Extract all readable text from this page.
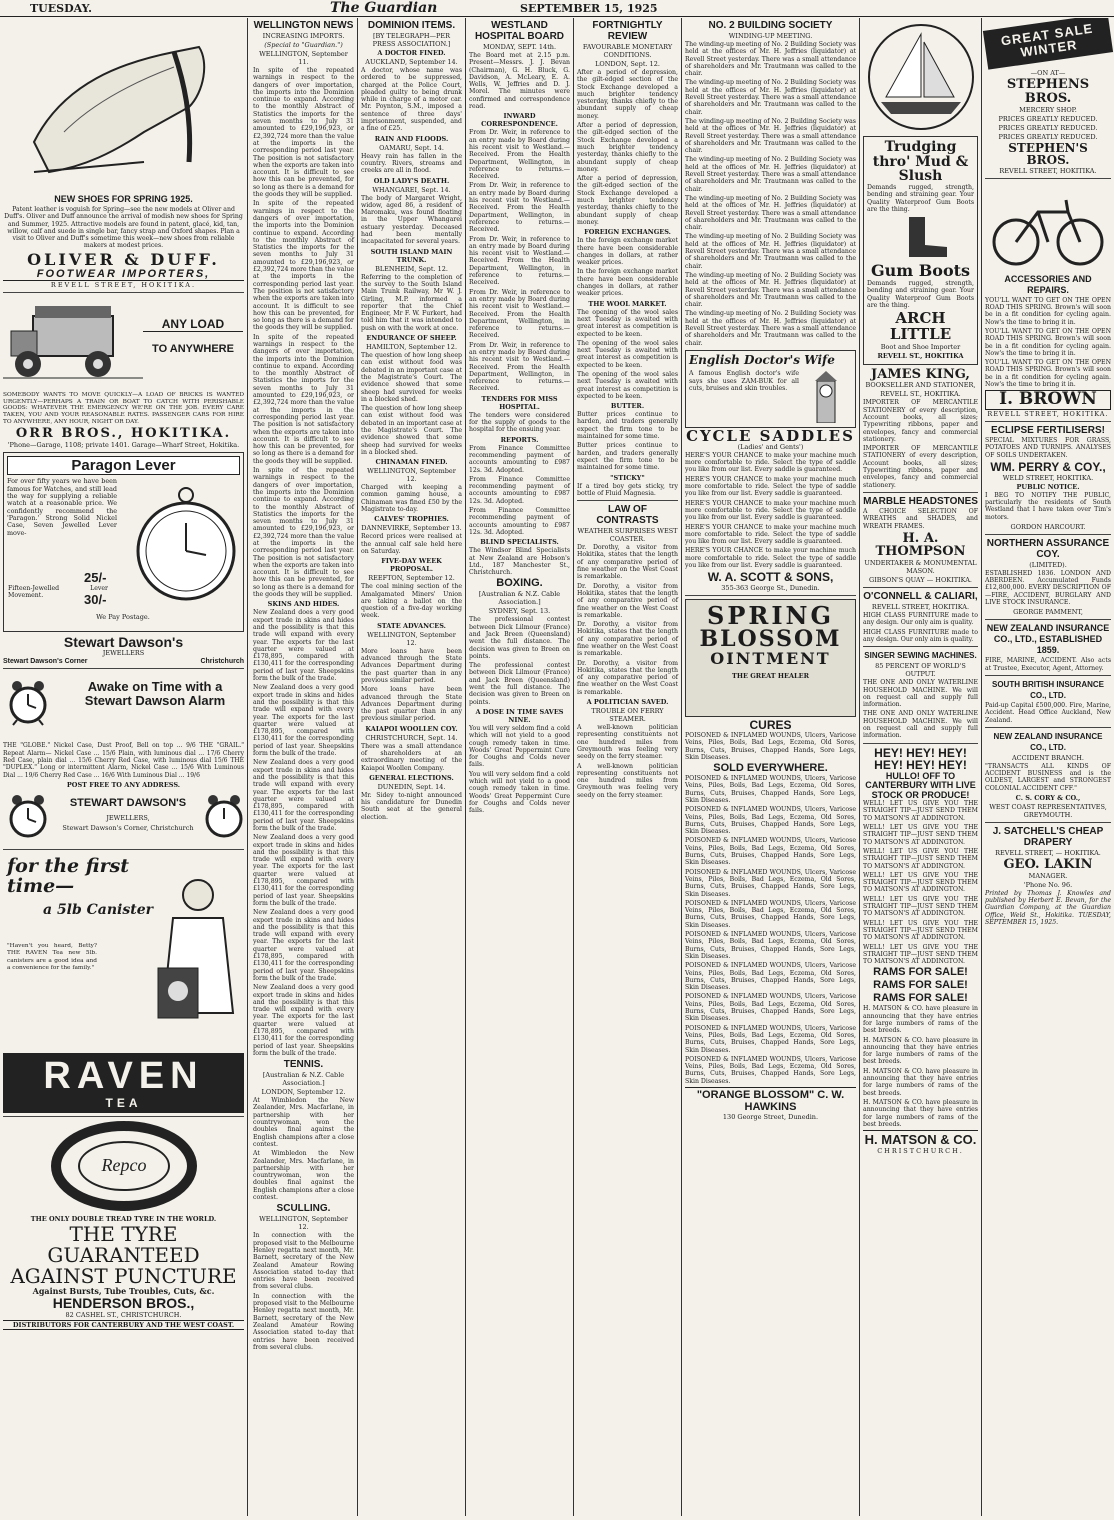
TUESDAY.	The Guardian	SEPTEMBER 15, 1925
NEW SHOES FOR SPRING 1925.
Patent leather is voguish for Spring—see the new models at Oliver and Duff's. Oliver and Duff announce the arrival of modish new shoes for Spring and Summer, 1925. Attractive models are found in patent, glacé, kid, tan, willow, calf and suede in single bar, fancy strap and Oxford shapes. Plan a visit to Oliver and Duff's sometime this week—new shoes from reliable makers at modest prices.
OLIVER & DUFF.
FOOTWEAR IMPORTERS,
REVELL STREET, HOKITIKA.
ANY LOAD
TO ANYWHERE
SOMEBODY WANTS TO MOVE QUICKLY—A LOAD OF BRICKS IS WANTED URGENTLY—PERHAPS A TRAIN OR BOAT TO CATCH WITH PERISHABLE GOODS: WHATEVER THE EMERGENCY WE'RE ON THE JOB. EVERY CARE TAKEN, YOU AND YOUR REASONABLE RATES. PASSENGER CARS FOR HIRE TO ANYWHERE, ANY HOUR, NIGHT OR DAY.
ORR BROS., HOKITIKA.
'Phone—Garage, 1108; private 1401. Garage—Wharf Street, Hokitika.
Paragon Lever
For over fifty years we have been famous for Watches, and still lead the way for supplying a reliable watch at a reasonable price. We confidently recommend the 'Paragon.' Strong Solid Nickel Case, Seven Jewelled Lever move-
25/-
Fifteen-Jewelled Lever Movement.	30/-
We Pay Postage.
Stewart Dawson's
JEWELLERS
Stewart Dawson's Corner	Christchurch
Awake on Time with a Stewart Dawson Alarm
THE "GLOBE." Nickel Case, Dust Proof, Bell on top ... 9/6 THE "GRAIL." Repeat Alarm— Nickel Case ... 15/6 Plain, with luminous dial ... 17/6 Cherry Red Case, plain dial ... 15/6 Cherry Red Case, with luminous dial 15/6 THE "DUPLEX." Long or intermittent Alarm, Nickel Case ... 15/6 With Luminous Dial ... 19/6 Cherry Red Case ... 16/6 With Luminous Dial ... 19/6
POST FREE TO ANY ADDRESS.
STEWART DAWSON'S
JEWELLERS,
Stewart Dawson's Corner, Christchurch
for the first time—
a 5lb Canister
"Haven't you heard, Betty? THE RAVEN Tea new 5lb. canisters are a good idea and a convenience for the family."
RAVEN
TEA
Repco
THE ONLY DOUBLE TREAD TYRE IN THE WORLD.
THE TYRE GUARANTEED AGAINST PUNCTURE
Against Bursts, Tube Troubles, Cuts, &c.
HENDERSON BROS.,
82 CASHEL ST., CHRISTCHURCH.
DISTRIBUTORS FOR CANTERBURY AND THE WEST COAST.
WELLINGTON NEWS
INCREASING IMPORTS.
(Special to "Guardian.")
WELLINGTON, September 11.
In spite of the repeated warnings in respect to the dangers of over importation, the imports into the Dominion continue to expand. According to the monthly Abstract of Statistics the imports for the seven months to July 31 amounted to £29,196,923, or £2,392,724 more than the value at the imports in the corresponding period last year. The position is not satisfactory when the exports are taken into account. It is difficult to see how this can be prevented, for so long as there is a demand for the goods they will be supplied.
In spite of the repeated warnings in respect to the dangers of over importation, the imports into the Dominion continue to expand. According to the monthly Abstract of Statistics the imports for the seven months to July 31 amounted to £29,196,923, or £2,392,724 more than the value at the imports in the corresponding period last year. The position is not satisfactory when the exports are taken into account. It is difficult to see how this can be prevented, for so long as there is a demand for the goods they will be supplied.
In spite of the repeated warnings in respect to the dangers of over importation, the imports into the Dominion continue to expand. According to the monthly Abstract of Statistics the imports for the seven months to July 31 amounted to £29,196,923, or £2,392,724 more than the value at the imports in the corresponding period last year. The position is not satisfactory when the exports are taken into account. It is difficult to see how this can be prevented, for so long as there is a demand for the goods they will be supplied.
In spite of the repeated warnings in respect to the dangers of over importation, the imports into the Dominion continue to expand. According to the monthly Abstract of Statistics the imports for the seven months to July 31 amounted to £29,196,923, or £2,392,724 more than the value at the imports in the corresponding period last year. The position is not satisfactory when the exports are taken into account. It is difficult to see how this can be prevented, for so long as there is a demand for the goods they will be supplied.
SKINS AND HIDES.
New Zealand does a very good export trade in skins and hides and the possibility is that this trade will expand with every year. The exports for the last quarter were valued at £178,895, compared with £130,411 for the corresponding period of last year. Sheepskins form the bulk of the trade.
New Zealand does a very good export trade in skins and hides and the possibility is that this trade will expand with every year. The exports for the last quarter were valued at £178,895, compared with £130,411 for the corresponding period of last year. Sheepskins form the bulk of the trade.
New Zealand does a very good export trade in skins and hides and the possibility is that this trade will expand with every year. The exports for the last quarter were valued at £178,895, compared with £130,411 for the corresponding period of last year. Sheepskins form the bulk of the trade.
New Zealand does a very good export trade in skins and hides and the possibility is that this trade will expand with every year. The exports for the last quarter were valued at £178,895, compared with £130,411 for the corresponding period of last year. Sheepskins form the bulk of the trade.
New Zealand does a very good export trade in skins and hides and the possibility is that this trade will expand with every year. The exports for the last quarter were valued at £178,895, compared with £130,411 for the corresponding period of last year. Sheepskins form the bulk of the trade.
New Zealand does a very good export trade in skins and hides and the possibility is that this trade will expand with every year. The exports for the last quarter were valued at £178,895, compared with £130,411 for the corresponding period of last year. Sheepskins form the bulk of the trade.
TENNIS.
[Australian & N.Z. Cable Association.]
LONDON, September 12.
At Wimbledon the New Zealander, Mrs. Macfarlane, in partnership with her countrywoman, won the doubles final against the English champions after a close contest.
At Wimbledon the New Zealander, Mrs. Macfarlane, in partnership with her countrywoman, won the doubles final against the English champions after a close contest.
SCULLING.
WELLINGTON, September 12.
In connection with the proposed visit to the Melbourne Henley regatta next month, Mr. Barnett, secretary of the New Zealand Amateur Rowing Association stated to-day that entries have been received from several clubs.
In connection with the proposed visit to the Melbourne Henley regatta next month, Mr. Barnett, secretary of the New Zealand Amateur Rowing Association stated to-day that entries have been received from several clubs.
DOMINION ITEMS.
[BY TELEGRAPH—PER PRESS ASSOCIATION.]
A DOCTOR FINED.
AUCKLAND, September 14.
A doctor, whose name was ordered to be suppressed, charged at the Police Court, pleaded guilty to being drunk while in charge of a motor car. Mr. Poynton, S.M., imposed a sentence of three days' imprisonment, suspended, and a fine of £25.
RAIN AND FLOODS.
OAMARU, Sept. 14.
Heavy rain has fallen in the country. Rivers, streams and creeks are all in flood.
OLD LADY'S DEATH.
WHANGAREI, Sept. 14.
The body of Margaret Wright, widow, aged 86, a resident of Maromaku, was found floating in the Upper Whangarei estuary yesterday. Deceased had been mentally incapacitated for several years.
SOUTH ISLAND MAIN TRUNK.
BLENHEIM, Sept. 12.
Referring to the completion of the survey to the South Island Main Trunk Railway, Mr W. J. Girling, M.P. informed a reporter that the Chief Engineer, Mr F. W. Furkert, had told him that it was intended to push on with the work at once.
ENDURANCE OF SHEEP.
HAMILTON, September 12.
The question of how long sheep can exist without food was debated in an important case at the Magistrate's Court. The evidence showed that some sheep had survived for weeks in a blocked shed.
The question of how long sheep can exist without food was debated in an important case at the Magistrate's Court. The evidence showed that some sheep had survived for weeks in a blocked shed.
CHINAMAN FINED.
WELLINGTON, September 12.
Charged with keeping a common gaming house, a Chinaman was fined £50 by the Magistrate to-day.
CALVES' TROPHIES.
DANNEVIRKE, September 13.
Record prices were realised at the annual calf sale held here on Saturday.
FIVE-DAY WEEK PROPOSAL.
REEFTON, September 12.
The coal mining section of the Amalgamated Miners' Union are taking a ballot on the question of a five-day working week.
STATE ADVANCES.
WELLINGTON, September 12.
More loans have been advanced through the State Advances Department during the past quarter than in any previous similar period.
More loans have been advanced through the State Advances Department during the past quarter than in any previous similar period.
KAIAPOI WOOLLEN COY.
CHRISTCHURCH, Sept. 14.
There was a small attendance of shareholders at an extraordinary meeting of the Kaiapoi Woollen Company.
GENERAL ELECTIONS.
DUNEDIN, Sept. 14.
Mr. Sidey to-night announced his candidature for Dunedin South seat at the general election.
WESTLAND HOSPITAL BOARD
MONDAY, SEPT. 14th.
The Board met at 2.15 p.m. Present—Messrs. J. J. Bevan (Chairman), G. H. Bluck, G. Davidson, A. McLeary, E. A. Wells, W. Jeffries and D. J. Morel. The minutes were confirmed and correspondence read.
INWARD CORRESPONDENCE.
From Dr. Weir, in reference to an entry made by Board during his recent visit to Westland.—Received. From the Health Department, Wellington, in reference to returns.—Received.
From Dr. Weir, in reference to an entry made by Board during his recent visit to Westland.—Received. From the Health Department, Wellington, in reference to returns.—Received.
From Dr. Weir, in reference to an entry made by Board during his recent visit to Westland.—Received. From the Health Department, Wellington, in reference to returns.—Received.
From Dr. Weir, in reference to an entry made by Board during his recent visit to Westland.—Received. From the Health Department, Wellington, in reference to returns.—Received.
From Dr. Weir, in reference to an entry made by Board during his recent visit to Westland.—Received. From the Health Department, Wellington, in reference to returns.—Received.
TENDERS FOR MISS HOSPITAL.
The tenders were considered for the supply of goods to the hospital for the ensuing year.
REPORTS.
From Finance Committee recommending payment of accounts amounting to £987 12s. 3d. Adopted.
From Finance Committee recommending payment of accounts amounting to £987 12s. 3d. Adopted.
From Finance Committee recommending payment of accounts amounting to £987 12s. 3d. Adopted.
BLIND SPECIALISTS.
The Windsor Blind Specialists at New Zealand are Hobson's Ltd., 187 Manchester St., Christchurch.
BOXING.
[Australian & N.Z. Cable Association.]
SYDNEY, Sept. 13.
The professional contest between Dick Lilmour (France) and Jack Breen (Queensland) went the full distance. The decision was given to Breen on points.
The professional contest between Dick Lilmour (France) and Jack Breen (Queensland) went the full distance. The decision was given to Breen on points.
A DOSE IN TIME SAVES NINE.
You will very seldom find a cold which will not yield to a good cough remedy taken in time. Woods' Great Peppermint Cure for Coughs and Colds never fails.
You will very seldom find a cold which will not yield to a good cough remedy taken in time. Woods' Great Peppermint Cure for Coughs and Colds never fails.
FORTNIGHTLY REVIEW
FAVOURABLE MONETARY CONDITIONS.
LONDON, Sept. 12.
After a period of depression, the gilt-edged section of the Stock Exchange developed a much brighter tendency yesterday, thanks chiefly to the abundant supply of cheap money.
After a period of depression, the gilt-edged section of the Stock Exchange developed a much brighter tendency yesterday, thanks chiefly to the abundant supply of cheap money.
After a period of depression, the gilt-edged section of the Stock Exchange developed a much brighter tendency yesterday, thanks chiefly to the abundant supply of cheap money.
FOREIGN EXCHANGES.
In the foreign exchange market there have been considerable changes in dollars, at rather weaker prices.
In the foreign exchange market there have been considerable changes in dollars, at rather weaker prices.
THE WOOL MARKET.
The opening of the wool sales next Tuesday is awaited with great interest as competition is expected to be keen.
The opening of the wool sales next Tuesday is awaited with great interest as competition is expected to be keen.
The opening of the wool sales next Tuesday is awaited with great interest as competition is expected to be keen.
BUTTER.
Butter prices continue to harden, and traders generally expect the firm tone to be maintained for some time.
Butter prices continue to harden, and traders generally expect the firm tone to be maintained for some time.
"STICKY"
If a tired boy gets sticky, try bottle of Fluid Magnesia.
LAW OF CONTRASTS
WEATHER SURPRISES WEST COASTER.
Dr. Dorothy, a visitor from Hokitika, states that the length of any comparative period of fine weather on the West Coast is remarkable.
Dr. Dorothy, a visitor from Hokitika, states that the length of any comparative period of fine weather on the West Coast is remarkable.
Dr. Dorothy, a visitor from Hokitika, states that the length of any comparative period of fine weather on the West Coast is remarkable.
Dr. Dorothy, a visitor from Hokitika, states that the length of any comparative period of fine weather on the West Coast is remarkable.
A POLITICIAN SAVED.
TROUBLE ON FERRY STEAMER.
A well-known politician representing constituents not one hundred miles from Greymouth was feeling very seedy on the ferry steamer.
A well-known politician representing constituents not one hundred miles from Greymouth was feeling very seedy on the ferry steamer.
NO. 2 BUILDING SOCIETY
WINDING-UP MEETING.
The winding-up meeting of No. 2 Building Society was held at the offices of Mr. H. Jeffries (liquidator) at Revell Street yesterday. There was a small attendance of shareholders and Mr. Trautmann was called to the chair.
The winding-up meeting of No. 2 Building Society was held at the offices of Mr. H. Jeffries (liquidator) at Revell Street yesterday. There was a small attendance of shareholders and Mr. Trautmann was called to the chair.
The winding-up meeting of No. 2 Building Society was held at the offices of Mr. H. Jeffries (liquidator) at Revell Street yesterday. There was a small attendance of shareholders and Mr. Trautmann was called to the chair.
The winding-up meeting of No. 2 Building Society was held at the offices of Mr. H. Jeffries (liquidator) at Revell Street yesterday. There was a small attendance of shareholders and Mr. Trautmann was called to the chair.
The winding-up meeting of No. 2 Building Society was held at the offices of Mr. H. Jeffries (liquidator) at Revell Street yesterday. There was a small attendance of shareholders and Mr. Trautmann was called to the chair.
The winding-up meeting of No. 2 Building Society was held at the offices of Mr. H. Jeffries (liquidator) at Revell Street yesterday. There was a small attendance of shareholders and Mr. Trautmann was called to the chair.
The winding-up meeting of No. 2 Building Society was held at the offices of Mr. H. Jeffries (liquidator) at Revell Street yesterday. There was a small attendance of shareholders and Mr. Trautmann was called to the chair.
The winding-up meeting of No. 2 Building Society was held at the offices of Mr. H. Jeffries (liquidator) at Revell Street yesterday. There was a small attendance of shareholders and Mr. Trautmann was called to the chair.
English Doctor's Wife
A famous English doctor's wife says she uses ZAM-BUK for all cuts, bruises and skin troubles.
CYCLE SADDLES
(Ladies' and Gents')
HERE'S YOUR CHANCE to make your machine much more comfortable to ride. Select the type of saddle you like from our list. Every saddle is guaranteed.
HERE'S YOUR CHANCE to make your machine much more comfortable to ride. Select the type of saddle you like from our list. Every saddle is guaranteed.
HERE'S YOUR CHANCE to make your machine much more comfortable to ride. Select the type of saddle you like from our list. Every saddle is guaranteed.
HERE'S YOUR CHANCE to make your machine much more comfortable to ride. Select the type of saddle you like from our list. Every saddle is guaranteed.
HERE'S YOUR CHANCE to make your machine much more comfortable to ride. Select the type of saddle you like from our list. Every saddle is guaranteed.
W. A. SCOTT & SONS,
355-363 George St., Dunedin.
SPRING
BLOSSOM
OINTMENT
THE GREAT HEALER
CURES
POISONED & INFLAMED WOUNDS, Ulcers, Varicose Veins, Piles, Boils, Bad Legs, Eczema, Old Sores, Burns, Cuts, Bruises, Chapped Hands, Sore Legs, Skin Diseases.
SOLD EVERYWHERE.
POISONED & INFLAMED WOUNDS, Ulcers, Varicose Veins, Piles, Boils, Bad Legs, Eczema, Old Sores, Burns, Cuts, Bruises, Chapped Hands, Sore Legs, Skin Diseases.
POISONED & INFLAMED WOUNDS, Ulcers, Varicose Veins, Piles, Boils, Bad Legs, Eczema, Old Sores, Burns, Cuts, Bruises, Chapped Hands, Sore Legs, Skin Diseases.
POISONED & INFLAMED WOUNDS, Ulcers, Varicose Veins, Piles, Boils, Bad Legs, Eczema, Old Sores, Burns, Cuts, Bruises, Chapped Hands, Sore Legs, Skin Diseases.
POISONED & INFLAMED WOUNDS, Ulcers, Varicose Veins, Piles, Boils, Bad Legs, Eczema, Old Sores, Burns, Cuts, Bruises, Chapped Hands, Sore Legs, Skin Diseases.
POISONED & INFLAMED WOUNDS, Ulcers, Varicose Veins, Piles, Boils, Bad Legs, Eczema, Old Sores, Burns, Cuts, Bruises, Chapped Hands, Sore Legs, Skin Diseases.
POISONED & INFLAMED WOUNDS, Ulcers, Varicose Veins, Piles, Boils, Bad Legs, Eczema, Old Sores, Burns, Cuts, Bruises, Chapped Hands, Sore Legs, Skin Diseases.
POISONED & INFLAMED WOUNDS, Ulcers, Varicose Veins, Piles, Boils, Bad Legs, Eczema, Old Sores, Burns, Cuts, Bruises, Chapped Hands, Sore Legs, Skin Diseases.
POISONED & INFLAMED WOUNDS, Ulcers, Varicose Veins, Piles, Boils, Bad Legs, Eczema, Old Sores, Burns, Cuts, Bruises, Chapped Hands, Sore Legs, Skin Diseases.
POISONED & INFLAMED WOUNDS, Ulcers, Varicose Veins, Piles, Boils, Bad Legs, Eczema, Old Sores, Burns, Cuts, Bruises, Chapped Hands, Sore Legs, Skin Diseases.
POISONED & INFLAMED WOUNDS, Ulcers, Varicose Veins, Piles, Boils, Bad Legs, Eczema, Old Sores, Burns, Cuts, Bruises, Chapped Hands, Sore Legs, Skin Diseases.
"ORANGE BLOSSOM" C. W. HAWKINS
130 George Street, Dunedin.
Trudging thro' Mud & Slush
Demands rugged, strength, bending and straining gear. Your Quality Waterproof Gum Boots are the thing.
Gum Boots
Demands rugged, strength, bending and straining gear. Your Quality Waterproof Gum Boots are the thing.
ARCH LITTLE
Boot and Shoe Importer
REVELL ST., HOKITIKA
JAMES KING,
BOOKSELLER AND STATIONER,
REVELL ST., HOKITIKA.
IMPORTER OF MERCANTILE STATIONERY of every description, Account books, all sizes; Typewriting ribbons, paper and envelopes, fancy and commercial stationery.
IMPORTER OF MERCANTILE STATIONERY of every description, Account books, all sizes; Typewriting ribbons, paper and envelopes, fancy and commercial stationery.
MARBLE HEADSTONES
A CHOICE SELECTION OF WREATHS and SHADES, and WREATH FRAMES.
H. A. THOMPSON
UNDERTAKER & MONUMENTAL MASON.
GIBSON'S QUAY — HOKITIKA.
O'CONNELL & CALIARI,
REVELL STREET, HOKITIKA.
HIGH CLASS FURNITURE made to any design. Our only aim is quality.
HIGH CLASS FURNITURE made to any design. Our only aim is quality.
SINGER SEWING MACHINES.
85 PERCENT OF WORLD'S OUTPUT.
THE ONE AND ONLY WATERLINE HOUSEHOLD MACHINE. We will on request call and supply full information.
THE ONE AND ONLY WATERLINE HOUSEHOLD MACHINE. We will on request call and supply full information.
HEY! HEY! HEY! HEY! HEY! HEY!
HULLO! OFF TO CANTERBURY WITH LIVE STOCK OR PRODUCE!
WELL! LET US GIVE YOU THE STRAIGHT TIP—JUST SEND THEM TO MATSON'S AT ADDINGTON.
WELL! LET US GIVE YOU THE STRAIGHT TIP—JUST SEND THEM TO MATSON'S AT ADDINGTON.
WELL! LET US GIVE YOU THE STRAIGHT TIP—JUST SEND THEM TO MATSON'S AT ADDINGTON.
WELL! LET US GIVE YOU THE STRAIGHT TIP—JUST SEND THEM TO MATSON'S AT ADDINGTON.
WELL! LET US GIVE YOU THE STRAIGHT TIP—JUST SEND THEM TO MATSON'S AT ADDINGTON.
WELL! LET US GIVE YOU THE STRAIGHT TIP—JUST SEND THEM TO MATSON'S AT ADDINGTON.
WELL! LET US GIVE YOU THE STRAIGHT TIP—JUST SEND THEM TO MATSON'S AT ADDINGTON.
RAMS FOR SALE!
RAMS FOR SALE!
RAMS FOR SALE!
H. MATSON & CO. have pleasure in announcing that they have entries for large numbers of rams of the best breeds.
H. MATSON & CO. have pleasure in announcing that they have entries for large numbers of rams of the best breeds.
H. MATSON & CO. have pleasure in announcing that they have entries for large numbers of rams of the best breeds.
H. MATSON & CO. have pleasure in announcing that they have entries for large numbers of rams of the best breeds.
H. MATSON & CO.
CHRISTCHURCH.
GREAT SALE WINTER
—ON AT—
STEPHENS BROS.
MERCERY SHOP.
PRICES GREATLY REDUCED.
PRICES GREATLY REDUCED.
PRICES GREATLY REDUCED.
STEPHEN'S BROS.
REVELL STREET, HOKITIKA.
ACCESSORIES AND REPAIRS.
YOU'LL WANT TO GET ON THE OPEN ROAD THIS SPRING. Brown's will soon be in a fit condition for cycling again. Now's the time to bring it in.
YOU'LL WANT TO GET ON THE OPEN ROAD THIS SPRING. Brown's will soon be in a fit condition for cycling again. Now's the time to bring it in.
YOU'LL WANT TO GET ON THE OPEN ROAD THIS SPRING. Brown's will soon be in a fit condition for cycling again. Now's the time to bring it in.
I. BROWN
REVELL STREET, HOKITIKA.
ECLIPSE FERTILISERS!
SPECIAL MIXTURES FOR GRASS, POTATOES AND TURNIPS. ANALYSES OF SOILS UNDERTAKEN.
WM. PERRY & COY.,
WELD STREET, HOKITIKA.
PUBLIC NOTICE.
I BEG TO NOTIFY THE PUBLIC, particularly the residents of South Westland that I have taken over Tim's motors.
GORDON HARCOURT.
NORTHERN ASSURANCE COY.
(LIMITED).
ESTABLISHED 1836. LONDON AND ABERDEEN. Accumulated Funds £12,800,000. EVERY DESCRIPTION OF—FIRE, ACCIDENT, BURGLARY AND LIVE STOCK INSURANCE.
GEORGE PAMMENT,
NEW ZEALAND INSURANCE CO., LTD., ESTABLISHED 1859.
FIRE, MARINE, ACCIDENT. Also acts at Trustee, Executor, Agent, Attorney.
SOUTH BRITISH INSURANCE CO., LTD.
Paid-up Capital £500,000. Fire, Marine, Accident. Head Office Auckland, New Zealand.
NEW ZEALAND INSURANCE CO., LTD.
ACCIDENT BRANCH.
"TRANSACTS ALL KINDS OF ACCIDENT BUSINESS and is the OLDEST, LARGEST and STRONGEST COLONIAL ACCIDENT CFF."
C. S. CORY & CO.,
WEST COAST REPRESENTATIVES, GREYMOUTH.
J. SATCHELL'S CHEAP DRAPERY
REVELL STREET, — HOKITIKA.
GEO. LAKIN
MANAGER.
'Phone No. 96.
Printed by Thomas J. Knowles and published by Herbert E. Bevan, for the Guardian Company, at the Guardian Office, Weld St., Hokitika. TUESDAY, SEPTEMBER 15, 1925.
